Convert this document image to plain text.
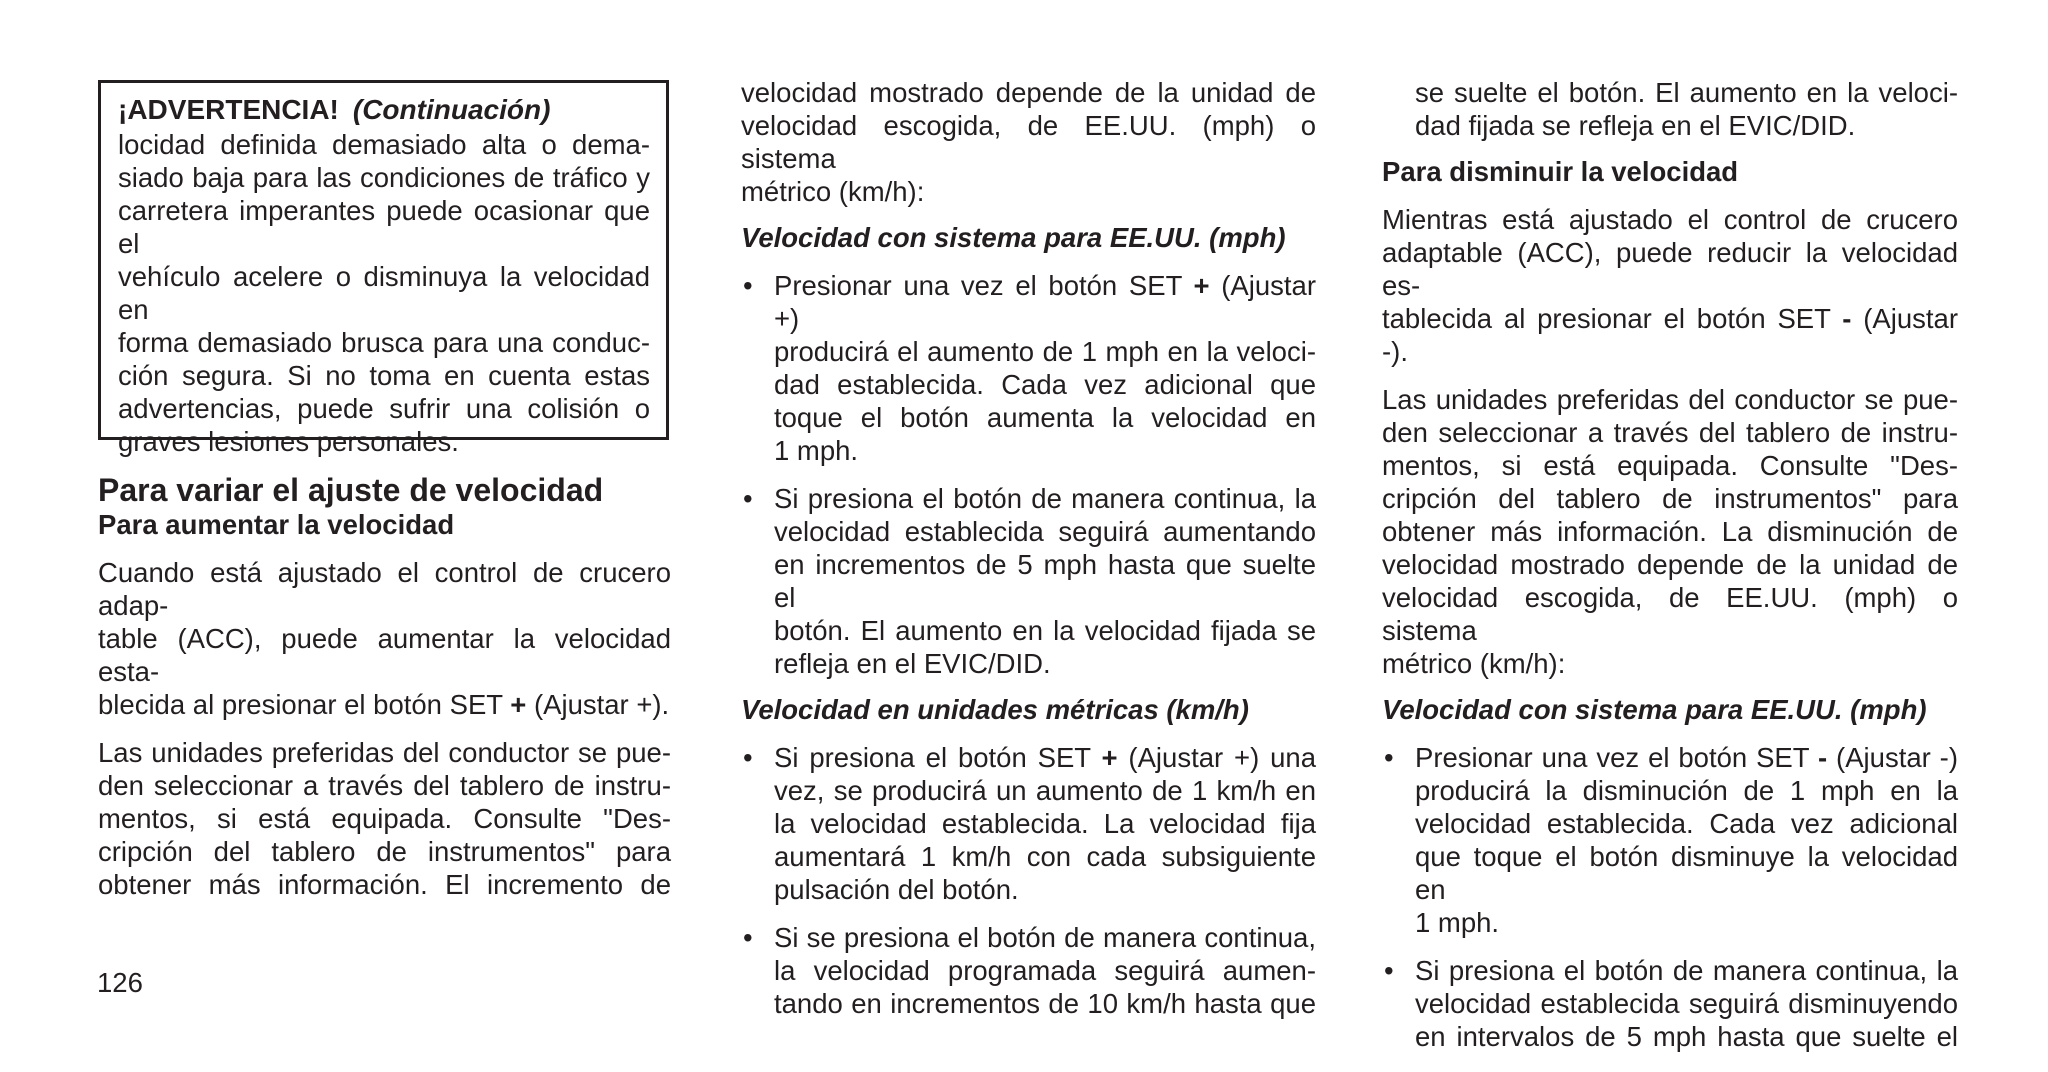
¡ADVERTENCIA! (Continuación)

locidad definida demasiado alta o dema-
siado baja para las condiciones de tráfico y
carretera imperantes puede ocasionar que el
vehículo acelere o disminuya la velocidad en
forma demasiado brusca para una conduc-
ción segura. Si no toma en cuenta estas
advertencias, puede sufrir una colisión o
graves lesiones personales.
Para variar el ajuste de velocidad
Para aumentar la velocidad
Cuando está ajustado el control de crucero adap-
table (ACC), puede aumentar la velocidad esta-
blecida al presionar el botón SET + (Ajustar +).
Las unidades preferidas del conductor se pue-
den seleccionar a través del tablero de instru-
mentos, si está equipada. Consulte "Des-
cripción del tablero de instrumentos" para
obtener más información. El incremento de
velocidad mostrado depende de la unidad de
velocidad escogida, de EE.UU. (mph) o sistema
métrico (km/h):
Velocidad con sistema para EE.UU. (mph)
• Presionar una vez el botón SET + (Ajustar +)
producirá el aumento de 1 mph en la veloci-
dad establecida. Cada vez adicional que
toque el botón aumenta la velocidad en
1 mph.
• Si presiona el botón de manera continua, la
velocidad establecida seguirá aumentando
en incrementos de 5 mph hasta que suelte el
botón. El aumento en la velocidad fijada se
refleja en el EVIC/DID.
Velocidad en unidades métricas (km/h)
• Si presiona el botón SET + (Ajustar +) una
vez, se producirá un aumento de 1 km/h en
la velocidad establecida. La velocidad fija
aumentará 1 km/h con cada subsiguiente
pulsación del botón.
• Si se presiona el botón de manera continua,
la velocidad programada seguirá aumen-
tando en incrementos de 10 km/h hasta que
se suelte el botón. El aumento en la veloci-
dad fijada se refleja en el EVIC/DID.
Para disminuir la velocidad
Mientras está ajustado el control de crucero
adaptable (ACC), puede reducir la velocidad es-
tablecida al presionar el botón SET - (Ajustar -).
Las unidades preferidas del conductor se pue-
den seleccionar a través del tablero de instru-
mentos, si está equipada. Consulte "Des-
cripción del tablero de instrumentos" para
obtener más información. La disminución de
velocidad mostrado depende de la unidad de
velocidad escogida, de EE.UU. (mph) o sistema
métrico (km/h):
Velocidad con sistema para EE.UU. (mph)
• Presionar una vez el botón SET - (Ajustar -)
producirá la disminución de 1 mph en la
velocidad establecida. Cada vez adicional
que toque el botón disminuye la velocidad en
1 mph.
• Si presiona el botón de manera continua, la
velocidad establecida seguirá disminuyendo
en intervalos de 5 mph hasta que suelte el
126
